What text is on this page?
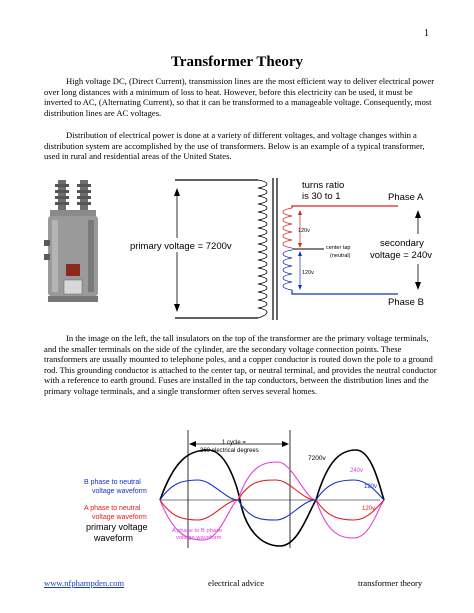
1
Transformer Theory
High voltage DC, (Direct Current), transmission lines are the most efficient way to deliver electrical power over long distances with a minimum of loss to heat. However, before this electricity can be used, it must be inverted to AC, (Alternating Current), so that it can be transformed to a manageable voltage. Consequently, most distribution lines are AC voltages.
Distribution of electrical power is done at a variety of different voltages, and voltage changes within a distribution system are accomplished by the use of transformers. Below is an example of a typical transformer, used in rural and residential areas of the United States.
primary voltage = 7200v
120v
120v
center tap
(neutral)
turns ratio
is 30 to 1	Phase A
Phase B
secondary
voltage = 240v
In the image on the left, the tall insulators on the top of the transformer are the primary voltage terminals, and the smaller terminals on the side of the cylinder, are the secondary voltage connection points. These transformers are usually mounted to telephone poles, and a copper conductor is routed down the pole to a ground rod. This grounding conductor is attached to the center tap, or neutral terminal, and provides the neutral conductor with a reference to earth ground. Fuses are installed in the tap conductors, between the distribution lines and the primary voltage terminals, and a single transformer often serves several homes.
1 cycle =
360 electrical degrees
7200v
240v
120v
120v
B phase to neutral
voltage waveform
A phase to neutral
voltage waveform
primary voltage
waveform
A phase to B phase
voltage waveform
www.nfphampden.com	electrical advice	transformer theory
